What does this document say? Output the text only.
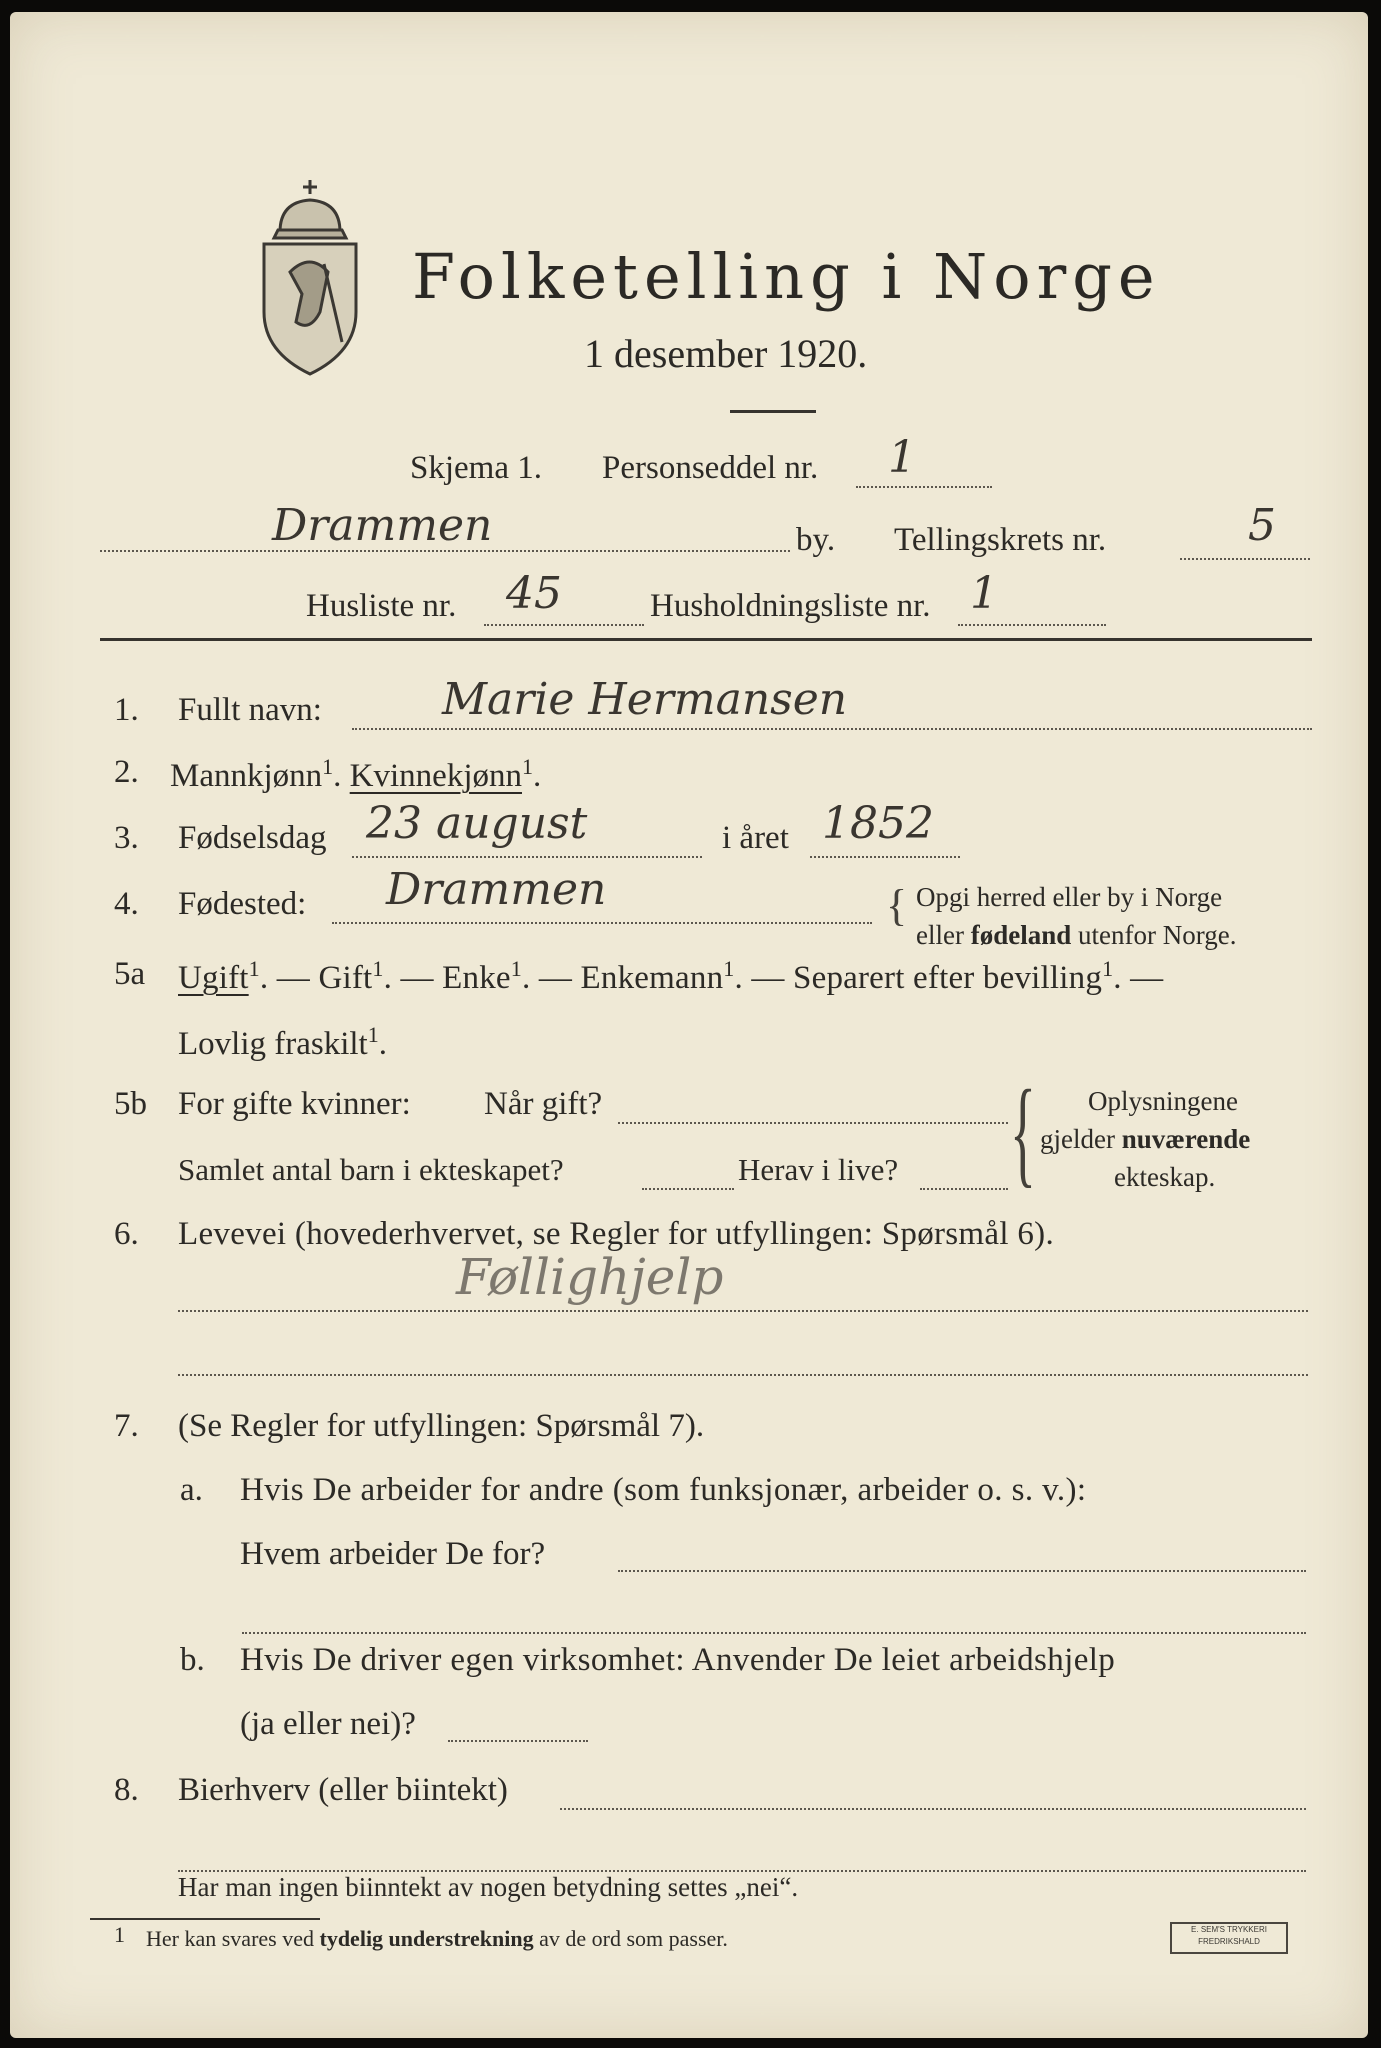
Folketelling i Norge
1 desember 1920.
Skjema 1. Personseddel nr. 1
Drammen	by. Tellingskrets nr.	5
Husliste nr. 45	Husholdningsliste nr. 1
1. Fullt navn:	Marie Hermansen
2. Mannkjønn$^1$. Kvinnekjønn$^1$.
3. Fødselsdag 23 august	i året 1852
4. Fødested: Drammen	{ Opgi herred eller by i Norge
eller fødeland utenfor Norge.
5a Ugift$^1$. — Gift$^1$. — Enke$^1$. — Enkemann$^1$. — Separert efter bevilling$^1$. —
Lovlig fraskilt$^1$.
5b For gifte kvinner: Når gift?
Samlet antal barn i ekteskapet?	Herav i live? { Oplysningene
gjelder nuværende
ekteskap.
6. Levevei (hovederhvervet, se Regler for utfyllingen: Spørsmål 6).
Føllighjelp
7. (Se Regler for utfyllingen: Spørsmål 7).
a. Hvis De arbeider for andre (som funksjonær, arbeider o. s. v.):
Hvem arbeider De for?
b. Hvis De driver egen virksomhet: Anvender De leiet arbeidshjelp
(ja eller nei)?
8. Bierhverv (eller biintekt)
Har man ingen biinntekt av nogen betydning settes „nei“.
1 Her kan svares ved tydelig understrekning av de ord som passer.	E. SEM'S TRYKKERI
FREDRIKSHALD
